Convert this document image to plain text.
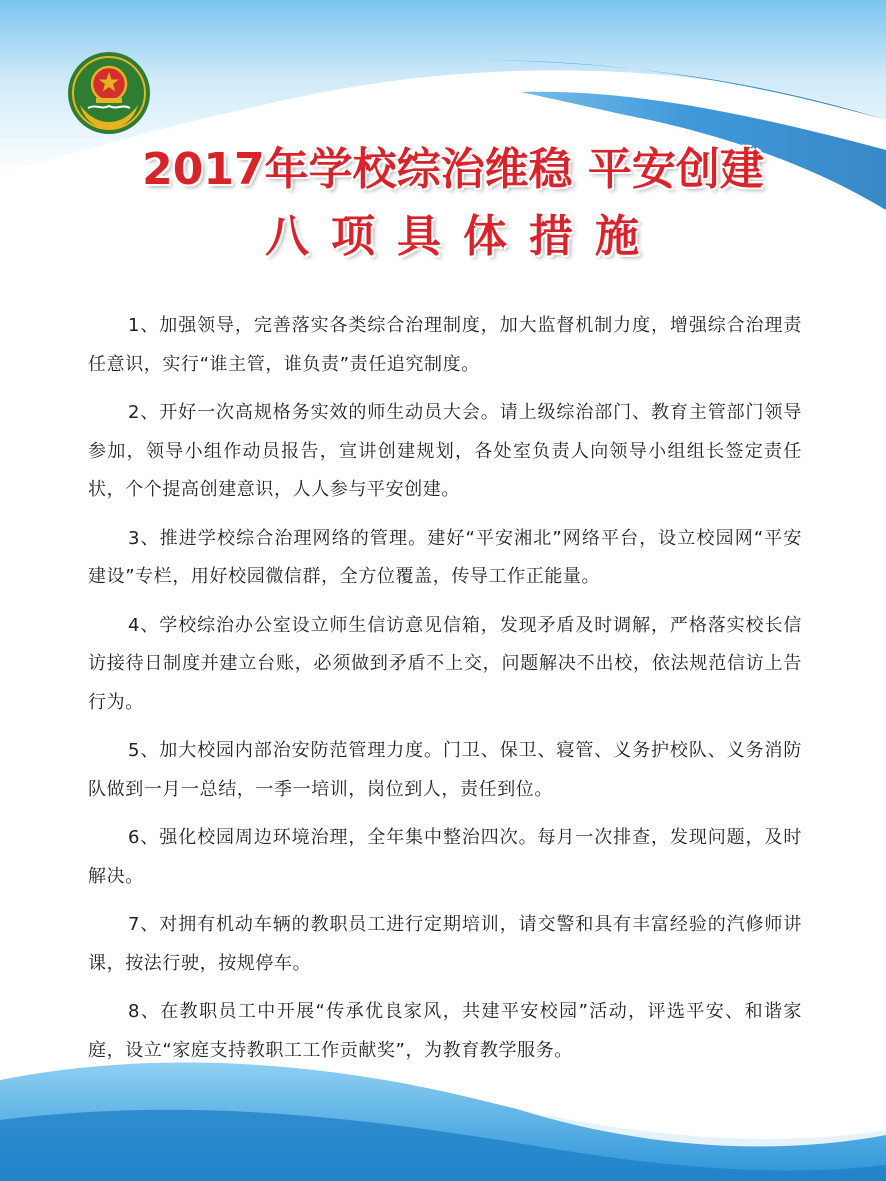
2017年学校综治维稳 平安创建
八项具体措施

1、加强领导，完善落实各类综合治理制度，加大监督机制力度，增强综合治理责任意识，实行“谁主管，谁负责”责任追究制度。

2、开好一次高规格务实效的师生动员大会。请上级综治部门、教育主管部门领导参加，领导小组作动员报告，宣讲创建规划，各处室负责人向领导小组组长签定责任状，个个提高创建意识，人人参与平安创建。

3、推进学校综合治理网络的管理。建好“平安湘北”网络平台，设立校园网“平安建设”专栏，用好校园微信群，全方位覆盖，传导工作正能量。

4、学校综治办公室设立师生信访意见信箱，发现矛盾及时调解，严格落实校长信访接待日制度并建立台账，必须做到矛盾不上交，问题解决不出校，依法规范信访上告行为。

5、加大校园内部治安防范管理力度。门卫、保卫、寝管、义务护校队、义务消防队做到一月一总结，一季一培训，岗位到人，责任到位。

6、强化校园周边环境治理，全年集中整治四次。每月一次排查，发现问题，及时解决。

7、对拥有机动车辆的教职员工进行定期培训，请交警和具有丰富经验的汽修师讲课，按法行驶，按规停车。

8、在教职员工中开展“传承优良家风，共建平安校园”活动，评选平安、和谐家庭，设立“家庭支持教职工工作贡献奖”，为教育教学服务。
